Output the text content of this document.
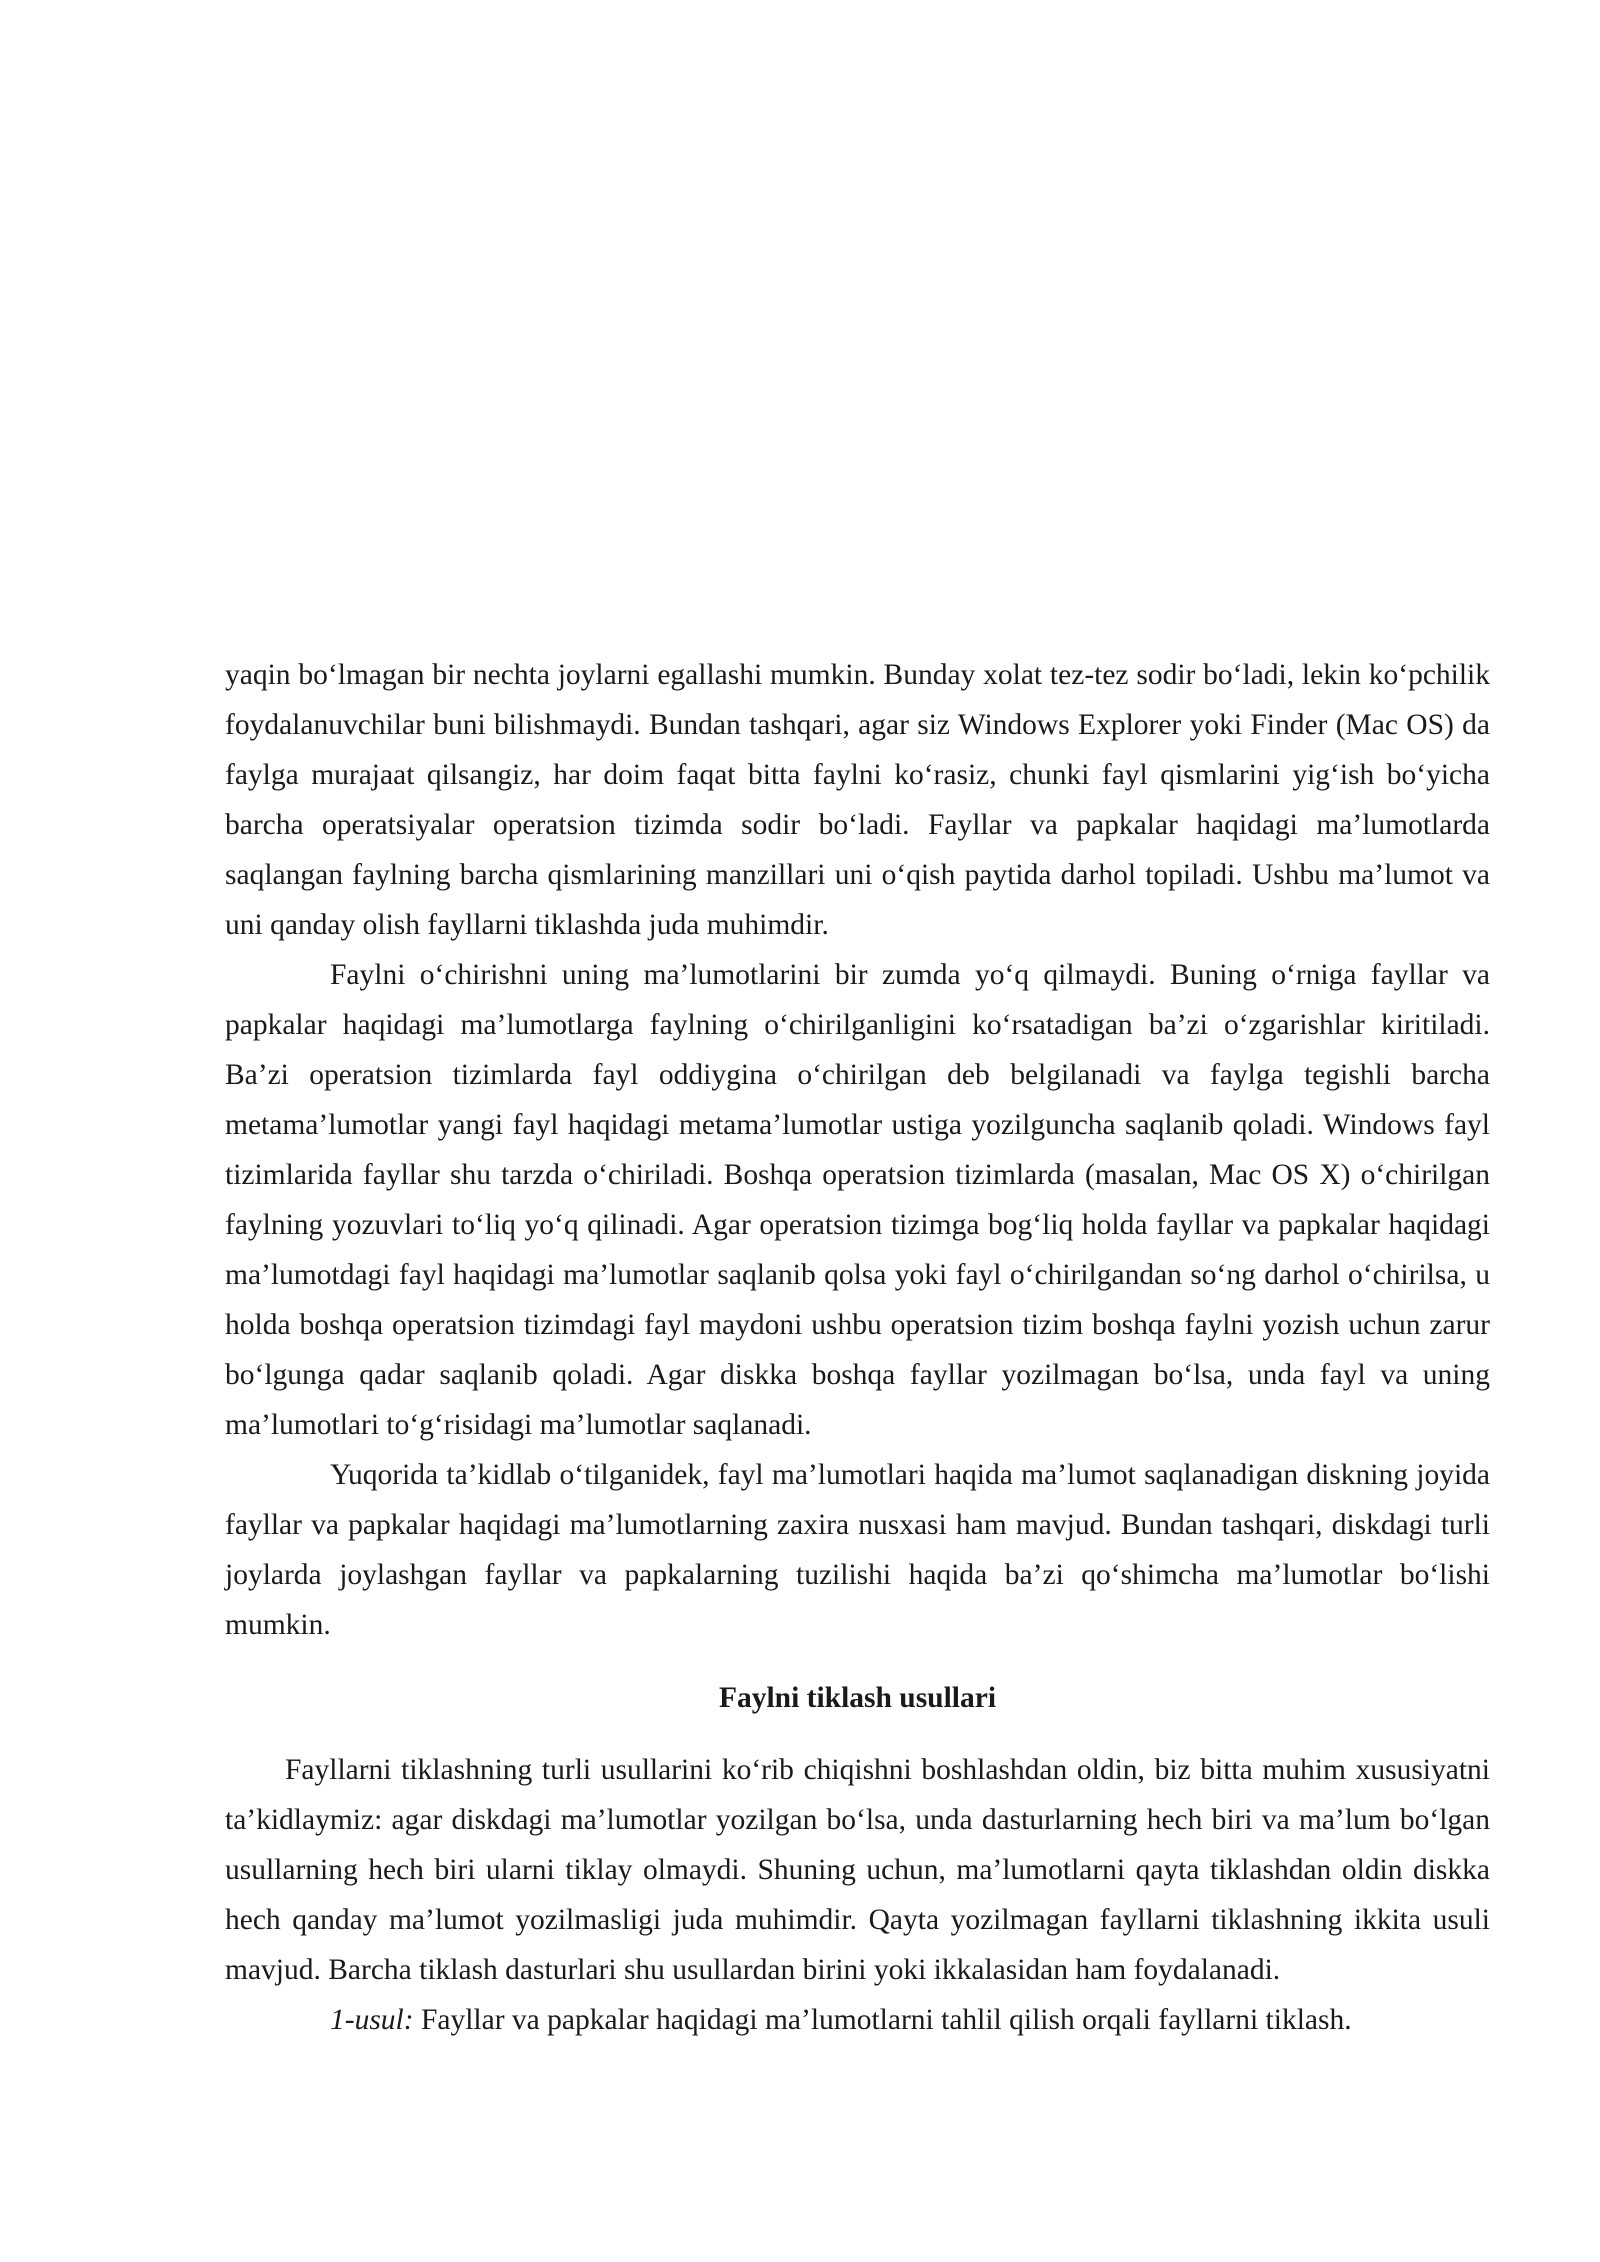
yaqin bo‘lmagan bir nechta joylarni egallashi mumkin. Bunday xolat tez-tez sodir bo‘ladi, lekin ko‘pchilik foydalanuvchilar buni bilishmaydi. Bundan tashqari, agar siz Windows Explorer yoki Finder (Mac OS) da faylga murajaat qilsangiz, har doim faqat bitta faylni ko‘rasiz, chunki fayl qismlarini yig‘ish bo‘yicha barcha operatsiyalar operatsion tizimda sodir bo‘ladi. Fayllar va papkalar haqidagi ma’lumotlarda saqlangan faylning barcha qismlarining manzillari uni o‘qish paytida darhol topiladi. Ushbu ma’lumot va uni qanday olish fayllarni tiklashda juda muhimdir.

Faylni o‘chirishni uning ma’lumotlarini bir zumda yo‘q qilmaydi. Buning o‘rniga fayllar va papkalar haqidagi ma’lumotlarga faylning o‘chirilganligini ko‘rsatadigan ba’zi o‘zgarishlar kiritiladi. Ba’zi operatsion tizimlarda fayl oddiygina o‘chirilgan deb belgilanadi va faylga tegishli barcha metama’lumotlar yangi fayl haqidagi metama’lumotlar ustiga yozilguncha saqlanib qoladi. Windows fayl tizimlarida fayllar shu tarzda o‘chiriladi. Boshqa operatsion tizimlarda (masalan, Mac OS X) o‘chirilgan faylning yozuvlari to‘liq yo‘q qilinadi. Agar operatsion tizimga bog‘liq holda fayllar va papkalar haqidagi ma’lumotdagi fayl haqidagi ma’lumotlar saqlanib qolsa yoki fayl o‘chirilgandan so‘ng darhol o‘chirilsa, u holda boshqa operatsion tizimdagi fayl maydoni ushbu operatsion tizim boshqa faylni yozish uchun zarur bo‘lgunga qadar saqlanib qoladi. Agar diskka boshqa fayllar yozilmagan bo‘lsa, unda fayl va uning ma’lumotlari to‘g‘risidagi ma’lumotlar saqlanadi.

Yuqorida ta’kidlab o‘tilganidek, fayl ma’lumotlari haqida ma’lumot saqlanadigan diskning joyida fayllar va papkalar haqidagi ma’lumotlarning zaxira nusxasi ham mavjud. Bundan tashqari, diskdagi turli joylarda joylashgan fayllar va papkalarning tuzilishi haqida ba’zi qo‘shimcha ma’lumotlar bo‘lishi mumkin.

Faylni tiklash usullari

Fayllarni tiklashning turli usullarini ko‘rib chiqishni boshlashdan oldin, biz bitta muhim xususiyatni ta’kidlaymiz: agar diskdagi ma’lumotlar yozilgan bo‘lsa, unda dasturlarning hech biri va ma’lum bo‘lgan usullarning hech biri ularni tiklay olmaydi. Shuning uchun, ma’lumotlarni qayta tiklashdan oldin diskka hech qanday ma’lumot yozilmasligi juda muhimdir. Qayta yozilmagan fayllarni tiklashning ikkita usuli mavjud. Barcha tiklash dasturlari shu usullardan birini yoki ikkalasidan ham foydalanadi.

1-usul: Fayllar va papkalar haqidagi ma’lumotlarni tahlil qilish orqali fayllarni tiklash.
